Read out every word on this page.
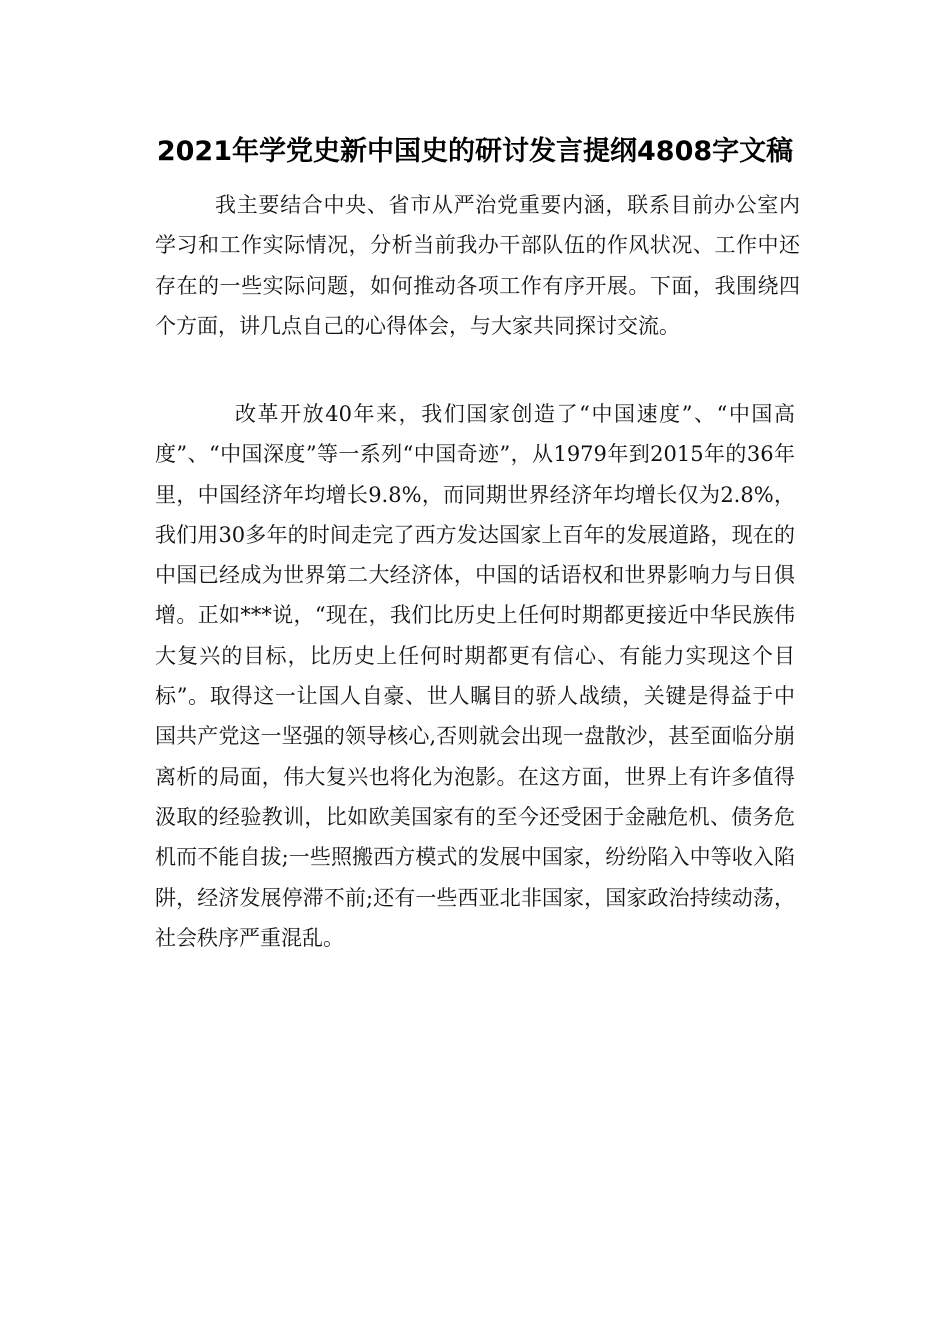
2021年学党史新中国史的研讨发言提纲4808字文稿

我主要结合中央、省市从严治党重要内涵，联系目前办公室内学习和工作实际情况，分析当前我办干部队伍的作风状况、工作中还存在的一些实际问题，如何推动各项工作有序开展。下面，我围绕四个方面，讲几点自己的心得体会，与大家共同探讨交流。

改革开放40年来，我们国家创造了“中国速度”、“中国高度”、“中国深度”等一系列“中国奇迹”，从1979年到2015年的36年里，中国经济年均增长9.8%，而同期世界经济年均增长仅为2.8%，我们用30多年的时间走完了西方发达国家上百年的发展道路，现在的中国已经成为世界第二大经济体，中国的话语权和世界影响力与日俱增。正如***说，“现在，我们比历史上任何时期都更接近中华民族伟大复兴的目标，比历史上任何时期都更有信心、有能力实现这个目标”。取得这一让国人自豪、世人瞩目的骄人战绩，关键是得益于中国共产党这一坚强的领导核心,否则就会出现一盘散沙，甚至面临分崩离析的局面，伟大复兴也将化为泡影。在这方面，世界上有许多值得汲取的经验教训，比如欧美国家有的至今还受困于金融危机、债务危机而不能自拔;一些照搬西方模式的发展中国家，纷纷陷入中等收入陷阱，经济发展停滞不前;还有一些西亚北非国家，国家政治持续动荡，社会秩序严重混乱。
